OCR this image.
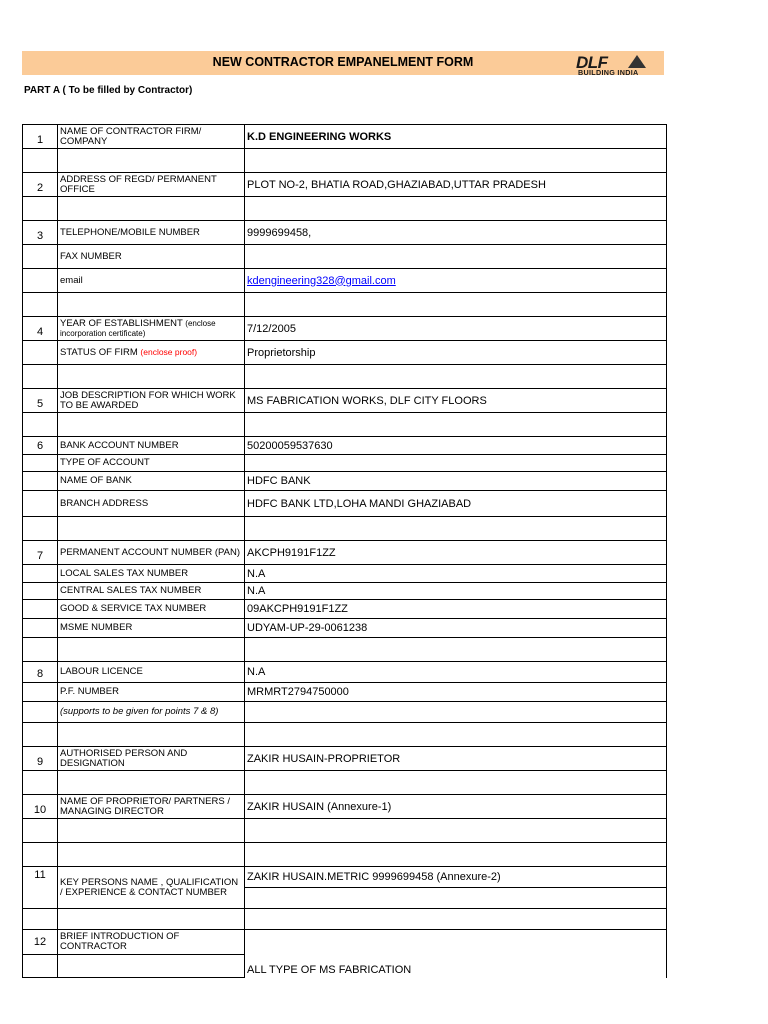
NEW CONTRACTOR EMPANELMENT FORM	DLF
BUILDING INDIA
PART A ( To be filled by Contractor)
1	NAME OF CONTRACTOR FIRM/ COMPANY	K.D ENGINEERING WORKS

2	ADDRESS OF REGD/ PERMANENT OFFICE	PLOT NO-2, BHATIA ROAD,GHAZIABAD,UTTAR PRADESH

3	TELEPHONE/MOBILE NUMBER	9999699458,
	FAX NUMBER	
	email	kdengineering328@gmail.com

4	YEAR OF ESTABLISHMENT (enclose incorporation certificate)	7/12/2005
	STATUS OF FIRM (enclose proof)	Proprietorship

5	JOB DESCRIPTION FOR WHICH WORK TO BE AWARDED	MS FABRICATION WORKS, DLF CITY FLOORS

6	BANK ACCOUNT NUMBER	50200059537630
	TYPE OF ACCOUNT	
	NAME OF BANK	HDFC BANK
	BRANCH ADDRESS	HDFC BANK LTD,LOHA MANDI GHAZIABAD

7	PERMANENT ACCOUNT NUMBER (PAN)	AKCPH9191F1ZZ
	LOCAL SALES TAX NUMBER	N.A
	CENTRAL SALES TAX NUMBER	N.A
	GOOD & SERVICE TAX NUMBER	09AKCPH9191F1ZZ
	MSME NUMBER	UDYAM-UP-29-0061238

8	LABOUR LICENCE	N.A
	P.F. NUMBER	MRMRT2794750000
	(supports to be given for points 7 & 8)	

9	AUTHORISED PERSON AND DESIGNATION	ZAKIR HUSAIN-PROPRIETOR

10	NAME OF PROPRIETOR/ PARTNERS / MANAGING DIRECTOR	ZAKIR HUSAIN (Annexure-1)

11	KEY PERSONS NAME , QUALIFICATION / EXPERIENCE & CONTACT NUMBER	ZAKIR HUSAIN.METRIC 9999699458 (Annexure-2)

12	BRIEF INTRODUCTION OF CONTRACTOR	ALL TYPE OF MS FABRICATION
